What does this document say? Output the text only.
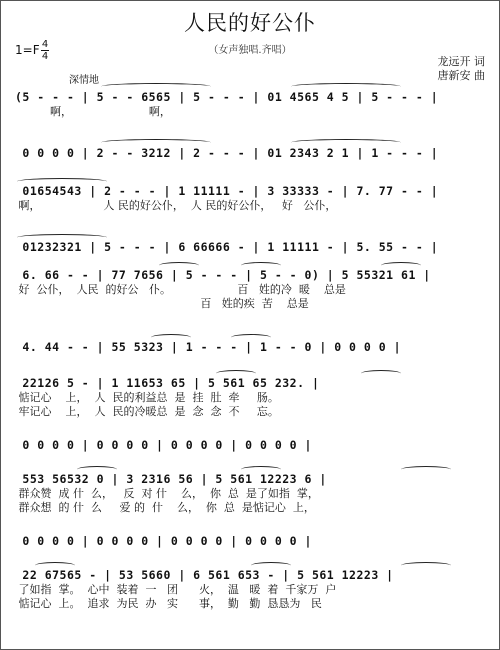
人民的好公仆
（女声独唱.齐唱）
1=F 4
4	龙远开 词
唐新安 曲
深情地
(5 - - - | 5 - - 6565 | 5 - - - | 01 4565 4 5 | 5 - - - |
啊，                      啊，
0 0 0 0 | 2 - - 3212 | 2 - - - | 01 2343 2 1 | 1 - - - |
01654543 | 2 - - - | 1 11111 - | 3 33333 - | 7. 77 - - |
啊，                  人 民的好公仆，  人 民的好公仆，   好   公仆，
01232321 | 5 - - - | 6 66666 - | 1 11111 - | 5. 55 - - |
6. 66 - - | 77 7656 | 5 - - - | 5 - - 0) | 5 55321 61 |
好  公仆，  人民  的好公   仆。                   百   姓的冷  暖    总是
百   姓的疾  苦    总是
4. 44 - - | 55 5323 | 1 - - - | 1 - - 0 | 0 0 0 0 |
22126 5 - | 1 11653 65 | 5 561 65 232. |
惦记心    上，  人  民的利益总  是  挂  肚  牵     肠。
牢记心    上，  人  民的冷暖总  是  念  念  不     忘。
0 0 0 0 | 0 0 0 0 | 0 0 0 0 | 0 0 0 0 |
553 56532 0 | 3 2316 56 | 5 561 12223 6 |
群众赞  成 什  么，   反  对 什    么，  你  总  是了如指  掌，
群众想  的 什  么     爱 的  什    么，  你  总  是惦记心  上，
0 0 0 0 | 0 0 0 0 | 0 0 0 0 | 0 0 0 0 |
22 67565 - | 53 5660 | 6 561 653 - | 5 561 12223 |
了如指  掌。  心中  装着  一   团      火，  温   暖  着  千家万  户
惦记心  上。  追求  为民  办   实      事，  勤   勤  恳恳为   民
